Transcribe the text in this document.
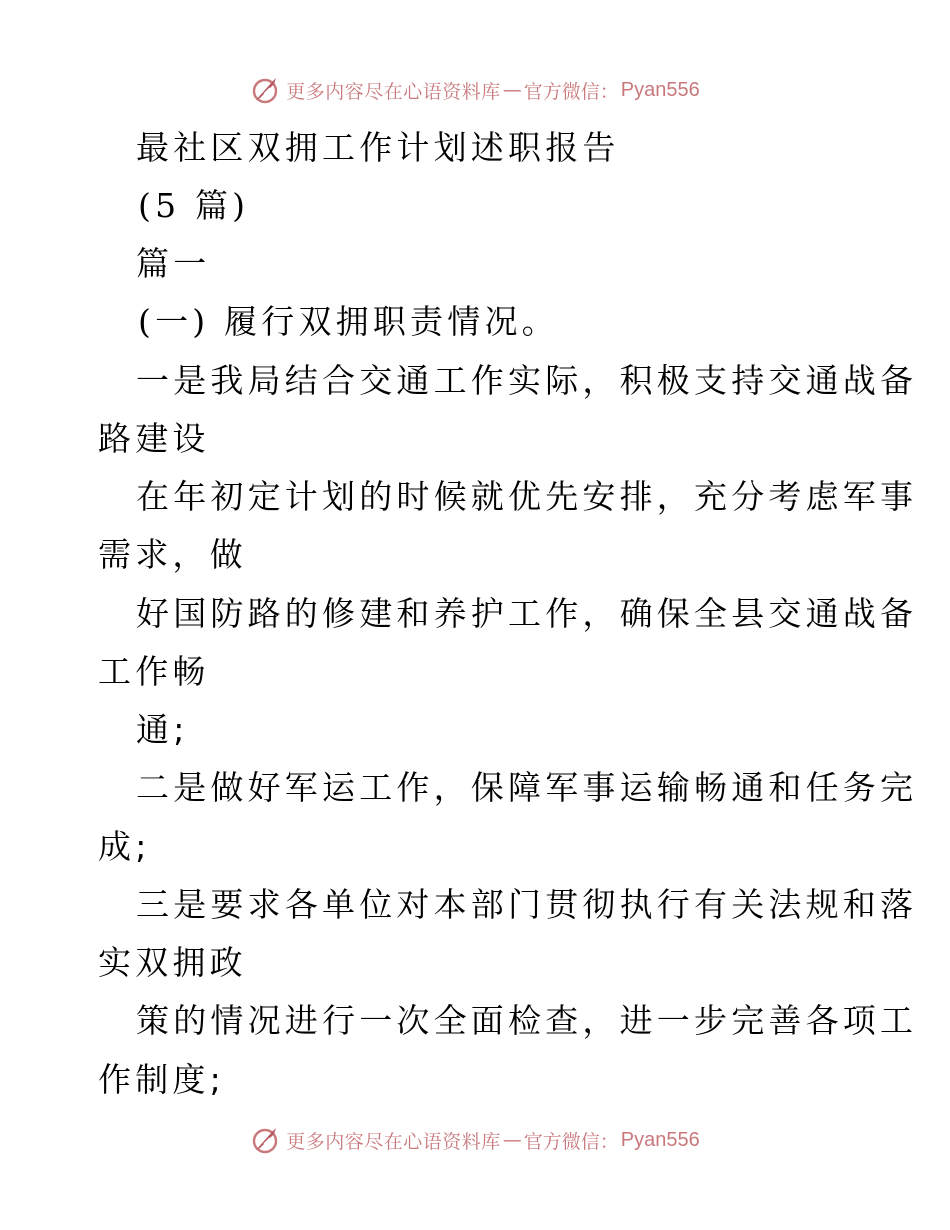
更多内容尽在心语资料库 — 官方微信： Pyan556
最社区双拥工作计划述职报告
(5 篇)
篇一
(一) 履行双拥职责情况。
一是我局结合交通工作实际，积极支持交通战备
路建设
在年初定计划的时候就优先安排，充分考虑军事
需求，做
好国防路的修建和养护工作，确保全县交通战备
工作畅
通;
二是做好军运工作，保障军事运输畅通和任务完
成;
三是要求各单位对本部门贯彻执行有关法规和落
实双拥政
策的情况进行一次全面检查，进一步完善各项工
作制度;
更多内容尽在心语资料库 — 官方微信： Pyan556
